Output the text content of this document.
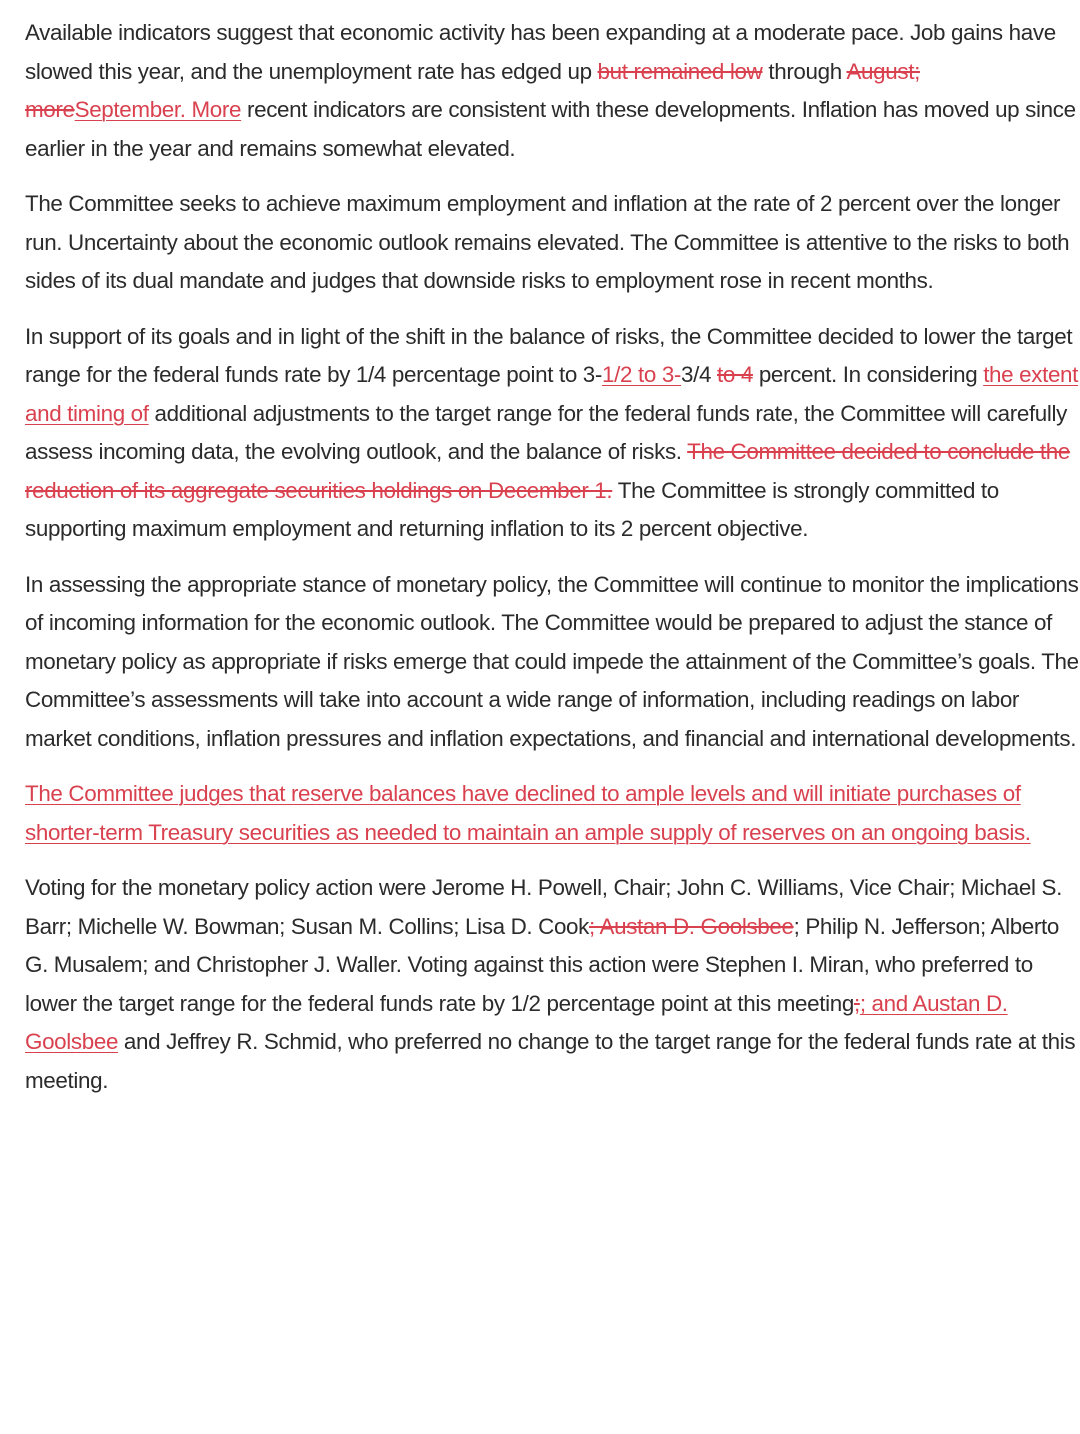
Available indicators suggest that economic activity has been expanding at a moderate pace. Job gains have slowed this year, and the unemployment rate has edged up but remained low through August; moreSeptember. More recent indicators are consistent with these developments. Inflation has moved up since earlier in the year and remains somewhat elevated.

The Committee seeks to achieve maximum employment and inflation at the rate of 2 percent over the longer run. Uncertainty about the economic outlook remains elevated. The Committee is attentive to the risks to both sides of its dual mandate and judges that downside risks to employment rose in recent months.

In support of its goals and in light of the shift in the balance of risks, the Committee decided to lower the target range for the federal funds rate by 1/4 percentage point to 3-1/2 to 3-3/4 to 4 percent. In considering the extent and timing of additional adjustments to the target range for the federal funds rate, the Committee will carefully assess incoming data, the evolving outlook, and the balance of risks. The Committee decided to conclude the reduction of its aggregate securities holdings on December 1. The Committee is strongly committed to supporting maximum employment and returning inflation to its 2 percent objective.

In assessing the appropriate stance of monetary policy, the Committee will continue to monitor the implications of incoming information for the economic outlook. The Committee would be prepared to adjust the stance of monetary policy as appropriate if risks emerge that could impede the attainment of the Committee’s goals. The Committee’s assessments will take into account a wide range of information, including readings on labor market conditions, inflation pressures and inflation expectations, and financial and international developments.

The Committee judges that reserve balances have declined to ample levels and will initiate purchases of shorter-term Treasury securities as needed to maintain an ample supply of reserves on an ongoing basis.

Voting for the monetary policy action were Jerome H. Powell, Chair; John C. Williams, Vice Chair; Michael S. Barr; Michelle W. Bowman; Susan M. Collins; Lisa D. Cook; Austan D. Goolsbee; Philip N. Jefferson; Alberto G. Musalem; and Christopher J. Waller. Voting against this action were Stephen I. Miran, who preferred to lower the target range for the federal funds rate by 1/2 percentage point at this meeting;; and Austan D. Goolsbee and Jeffrey R. Schmid, who preferred no change to the target range for the federal funds rate at this meeting.
